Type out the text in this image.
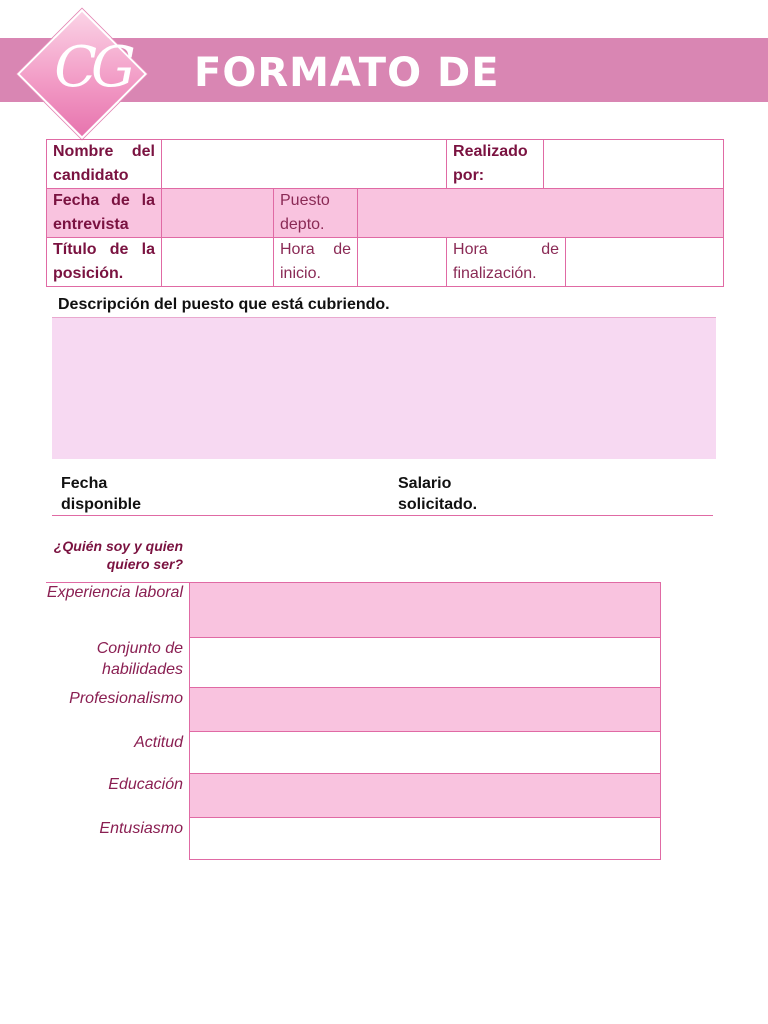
CG	FORMATO DE ENTREVISTA
Nombre del candidato				Realizado por:		
Fecha de la entrevista		Puesto depto.				
Título de la posición.		Hora de inicio.		Hora de finalización.		
Descripción del puesto que está cubriendo.
Fecha disponible
Salario solicitado.
¿Quién soy y quien quiero ser?
Experiencia laboral
Conjunto de habilidades
Profesionalismo
Actitud
Educación
Entusiasmo
